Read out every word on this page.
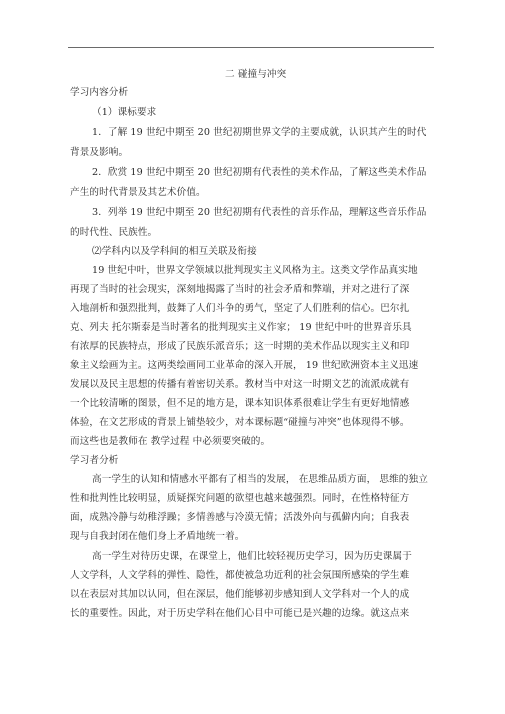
二 碰撞与冲突
学习内容分析
（1）课标要求
1．了解 19 世纪中期至 20 世纪初期世界文学的主要成就，认识其产生的时代
背景及影响。
2．欣赏 19 世纪中期至 20 世纪初期有代表性的美术作品，了解这些美术作品
产生的时代背景及其艺术价值。
3．列举 19 世纪中期至 20 世纪初期有代表性的音乐作品，理解这些音乐作品
的时代性、民族性。
⑵学科内以及学科间的相互关联及衔接
19 世纪中叶，世界文学领域以批判现实主义风格为主。这类文学作品真实地
再现了当时的社会现实，深刻地揭露了当时的社会矛盾和弊端，并对之进行了深
入地剖析和强烈批判，鼓舞了人们斗争的勇气，坚定了人们胜利的信心。巴尔扎
克、列夫 托尔斯泰是当时著名的批判现实主义作家； 19 世纪中叶的世界音乐具
有浓厚的民族特点，形成了民族乐派音乐；这一时期的美术作品以现实主义和印
象主义绘画为主。这两类绘画同工业革命的深入开展， 19 世纪欧洲资本主义迅速
发展以及民主思想的传播有着密切关系。教材当中对这一时期文艺的流派成就有
一个比较清晰的图景，但不足的地方是，课本知识体系很难让学生有更好地情感
体验，在文艺形成的背景上铺垫较少，对本课标题“碰撞与冲突”也体现得不够。
而这些也是教师在 教学过程 中必须要突破的。
学习者分析
高一学生的认知和情感水平都有了相当的发展， 在思维品质方面， 思维的独立
性和批判性比较明显，质疑探究问题的欲望也越来越强烈。同时，在性格特征方
面，成熟冷静与幼稚浮躁；多情善感与冷漠无情；活泼外向与孤僻内向；自我表
现与自我封闭在他们身上矛盾地统一着。
高一学生对待历史课，在课堂上，他们比较轻视历史学习，因为历史课属于
人文学科，人文学科的弹性、隐性，都使被急功近利的社会氛围所感染的学生难
以在表层对其加以认同，但在深层，他们能够初步感知到人文学科对一个人的成
长的重要性。因此，对于历史学科在他们心目中可能已是兴趣的边缘。就这点来
